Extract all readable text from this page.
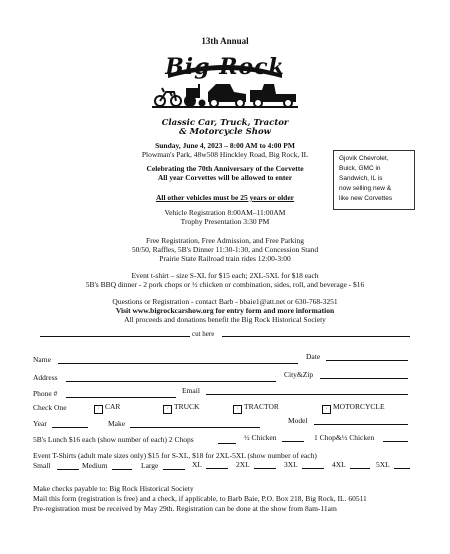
13th Annual
Big Rock
Classic Car, Truck, Tractor
& Motorcycle Show
Sunday, June 4, 2023 – 8:00 AM to 4:00 PM
Plowman's Park, 48w508 Hinckley Road, Big Rock, IL
Celebrating the 70th Anniversary of the Corvette
All year Corvettes will be allowed to enter
All other vehicles must be 25 years or older
Vehicle Registration 8:00AM–11:00AM
Trophy Presentation 3:30 PM
Free Registration, Free Admission, and Free Parking
50/50, Raffles, 5B's Dinner 11:30-1:30, and Concession Stand
Prairie State Railroad train rides 12:00-3:00
Event t-shirt – size S-XL for $15 each; 2XL-5XL for $18 each
5B's BBQ dinner - 2 pork chops or ½ chicken or combination, sides, roll, and beverage - $16
Questions or Registration - contact Barb - bbaie1@att.net or 630-768-3251
Visit www.bigrockcarshow.org for entry form and more information
All proceeds and donations benefit the Big Rock Historical Society
Gjovik Chevrolet,
Buick, GMC in
Sandwich, IL is
now selling new &
like new Corvettes
cut here
Name	Date
Address	City&Zip
Phone #	Email
Check One	· CAR	· TRUCK	· TRACTOR	· MOTORCYCLE
Year	Make	Model
5B's Lunch $16 each (show number of each) 2 Chops	½ Chicken	1 Chop&½ Chicken
Event T-Shirts (adult male sizes only) $15 for S-XL, $18 for 2XL-5XL (show number of each)
Small	Medium	Large	XL	2XL	3XL	4XL	5XL
Make checks payable to: Big Rock Historical Society
Mail this form (registration is free) and a check, if applicable, to Barb Baie, P.O. Box 218, Big Rock, IL. 60511
Pre-registration must be received by May 29th. Registration can be done at the show from 8am-11am
